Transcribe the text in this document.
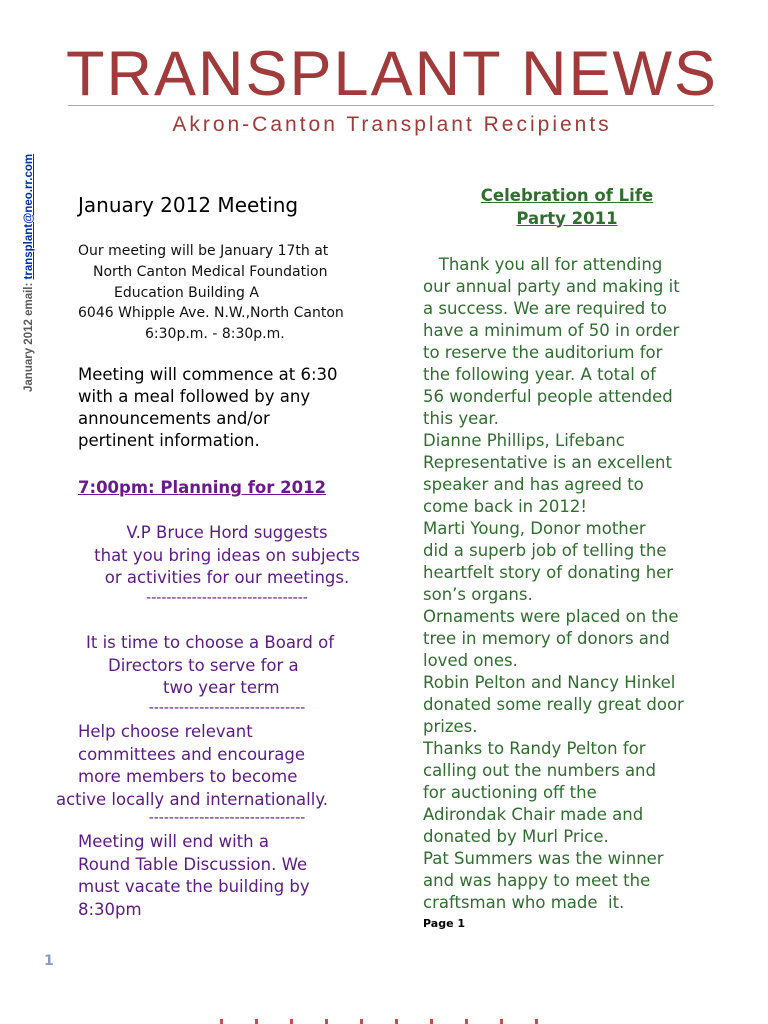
TRANSPLANT NEWS
Akron-Canton Transplant Recipients
January 2012 email: transplant@neo.rr.com January 2012 Meeting
Our meeting will be January 17th at
North Canton Medical Foundation
Education Building A
6046 Whipple Ave. N.W.,North Canton
6:30p.m. - 8:30p.m.
Meeting will commence at 6:30
with a meal followed by any
announcements and/or
pertinent information.
7:00pm: Planning for 2012
V.P Bruce Hord suggests
that you bring ideas on subjects
or activities for our meetings.
--------------------------------
It is time to choose a Board of
Directors to serve for a
two year term
-------------------------------
Help choose relevant
committees and encourage
more members to become
active locally and internationally.
-------------------------------
Meeting will end with a
Round Table Discussion. We
must vacate the building by
8:30pm
Celebration of Life
Party 2011
Thank you all for attending
our annual party and making it
a success. We are required to
have a minimum of 50 in order
to reserve the auditorium for
the following year. A total of
56 wonderful people attended
this year.
Dianne Phillips, Lifebanc
Representative is an excellent
speaker and has agreed to
come back in 2012!
Marti Young, Donor mother
did a superb job of telling the
heartfelt story of donating her
son’s organs.
Ornaments were placed on the
tree in memory of donors and
loved ones.
Robin Pelton and Nancy Hinkel
donated some really great door
prizes.
Thanks to Randy Pelton for
calling out the numbers and
for auctioning off the
Adirondak Chair made and
donated by Murl Price.
Pat Summers was the winner
and was happy to meet the
craftsman who made  it.
Page 1
1
